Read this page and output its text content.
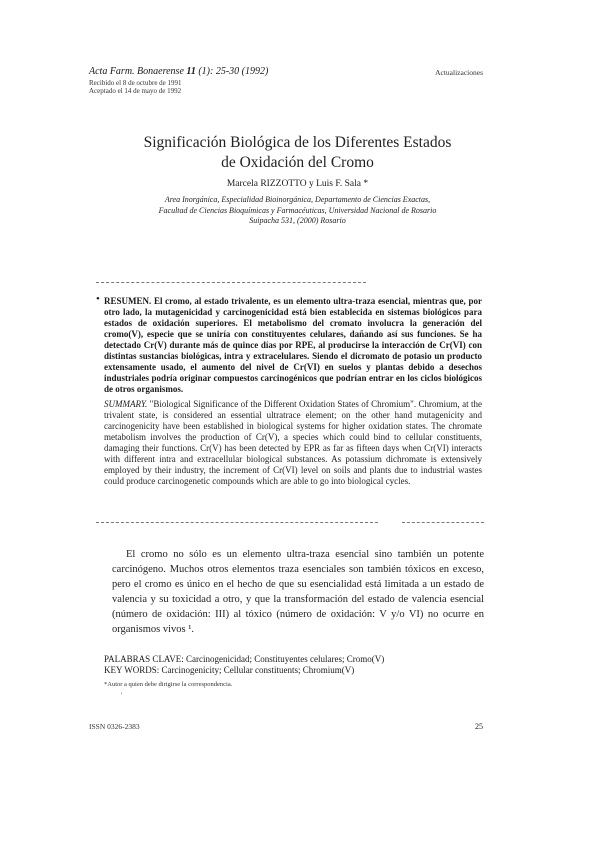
Acta Farm. Bonaerense 11 (1): 25-30 (1992)
Recibido el 8 de octubre de 1991
Aceptado el 14 de mayo de 1992
Actualizaciones
Significación Biológica de los Diferentes Estados
de Oxidación del Cromo
Marcela RIZZOTTO y Luis F. Sala *
Area Inorgánica, Especialidad Bioinorgánica, Departamento de Ciencias Exactas,
Facultad de Ciencias Bioquímicas y Farmacéuticas, Universidad Nacional de Rosario
Suipacha 531, (2000) Rosario
• RESUMEN. El cromo, al estado trivalente, es un elemento ultra-traza esencial, mientras que, por otro lado, la mutagenicidad y carcinogenicidad está bien establecida en sistemas biológicos para estados de oxidación superiores. El metabolismo del cromato involucra la generación del cromo(V), especie que se uniría con constituyentes celulares, dañando así sus funciones. Se ha detectado Cr(V) durante más de quince días por RPE, al producirse la interacción de Cr(VI) con distintas sustancias biológicas, intra y extracelulares. Siendo el dicromato de potasio un producto extensamente usado, el aumento del nivel de Cr(VI) en suelos y plantas debido a desechos industriales podría originar compuestos carcinogénicos que podrían entrar en los ciclos biológicos de otros organismos.
SUMMARY. "Biological Significance of the Different Oxidation States of Chromium". Chromium, at the trivalent state, is considered an essential ultratrace element; on the other hand mutagenicity and carcinogenicity have been established in biological systems for higher oxidation states. The chromate metabolism involves the production of Cr(V), a species which could bind to cellular constituents, damaging their functions. Cr(V) has been detected by EPR as far as fifteen days when Cr(VI) interacts with different intra and extracellular biological substances. As potassium dichromate is extensively employed by their industry, the increment of Cr(VI) level on soils and plants due to industrial wastes could produce carcinogenetic compounds which are able to go into biological cycles.
El cromo no sólo es un elemento ultra-traza esencial sino también un potente carcinógeno. Muchos otros elementos traza esenciales son también tóxicos en exceso, pero el cromo es único en el hecho de que su esencialidad está limitada a un estado de valencia y su toxicidad a otro, y que la transformación del estado de valencia esencial (número de oxidación: III) al tóxico (número de oxidación: V y/o VI) no ocurre en organismos vivos ¹.
PALABRAS CLAVE: Carcinogenicidad; Constituyentes celulares; Cromo(V)
KEY WORDS: Carcinogenicity; Cellular constituents; Chromium(V)
*Autor a quien debe dirigirse la correspondencia.
'
ISSN 0326-2383	25
